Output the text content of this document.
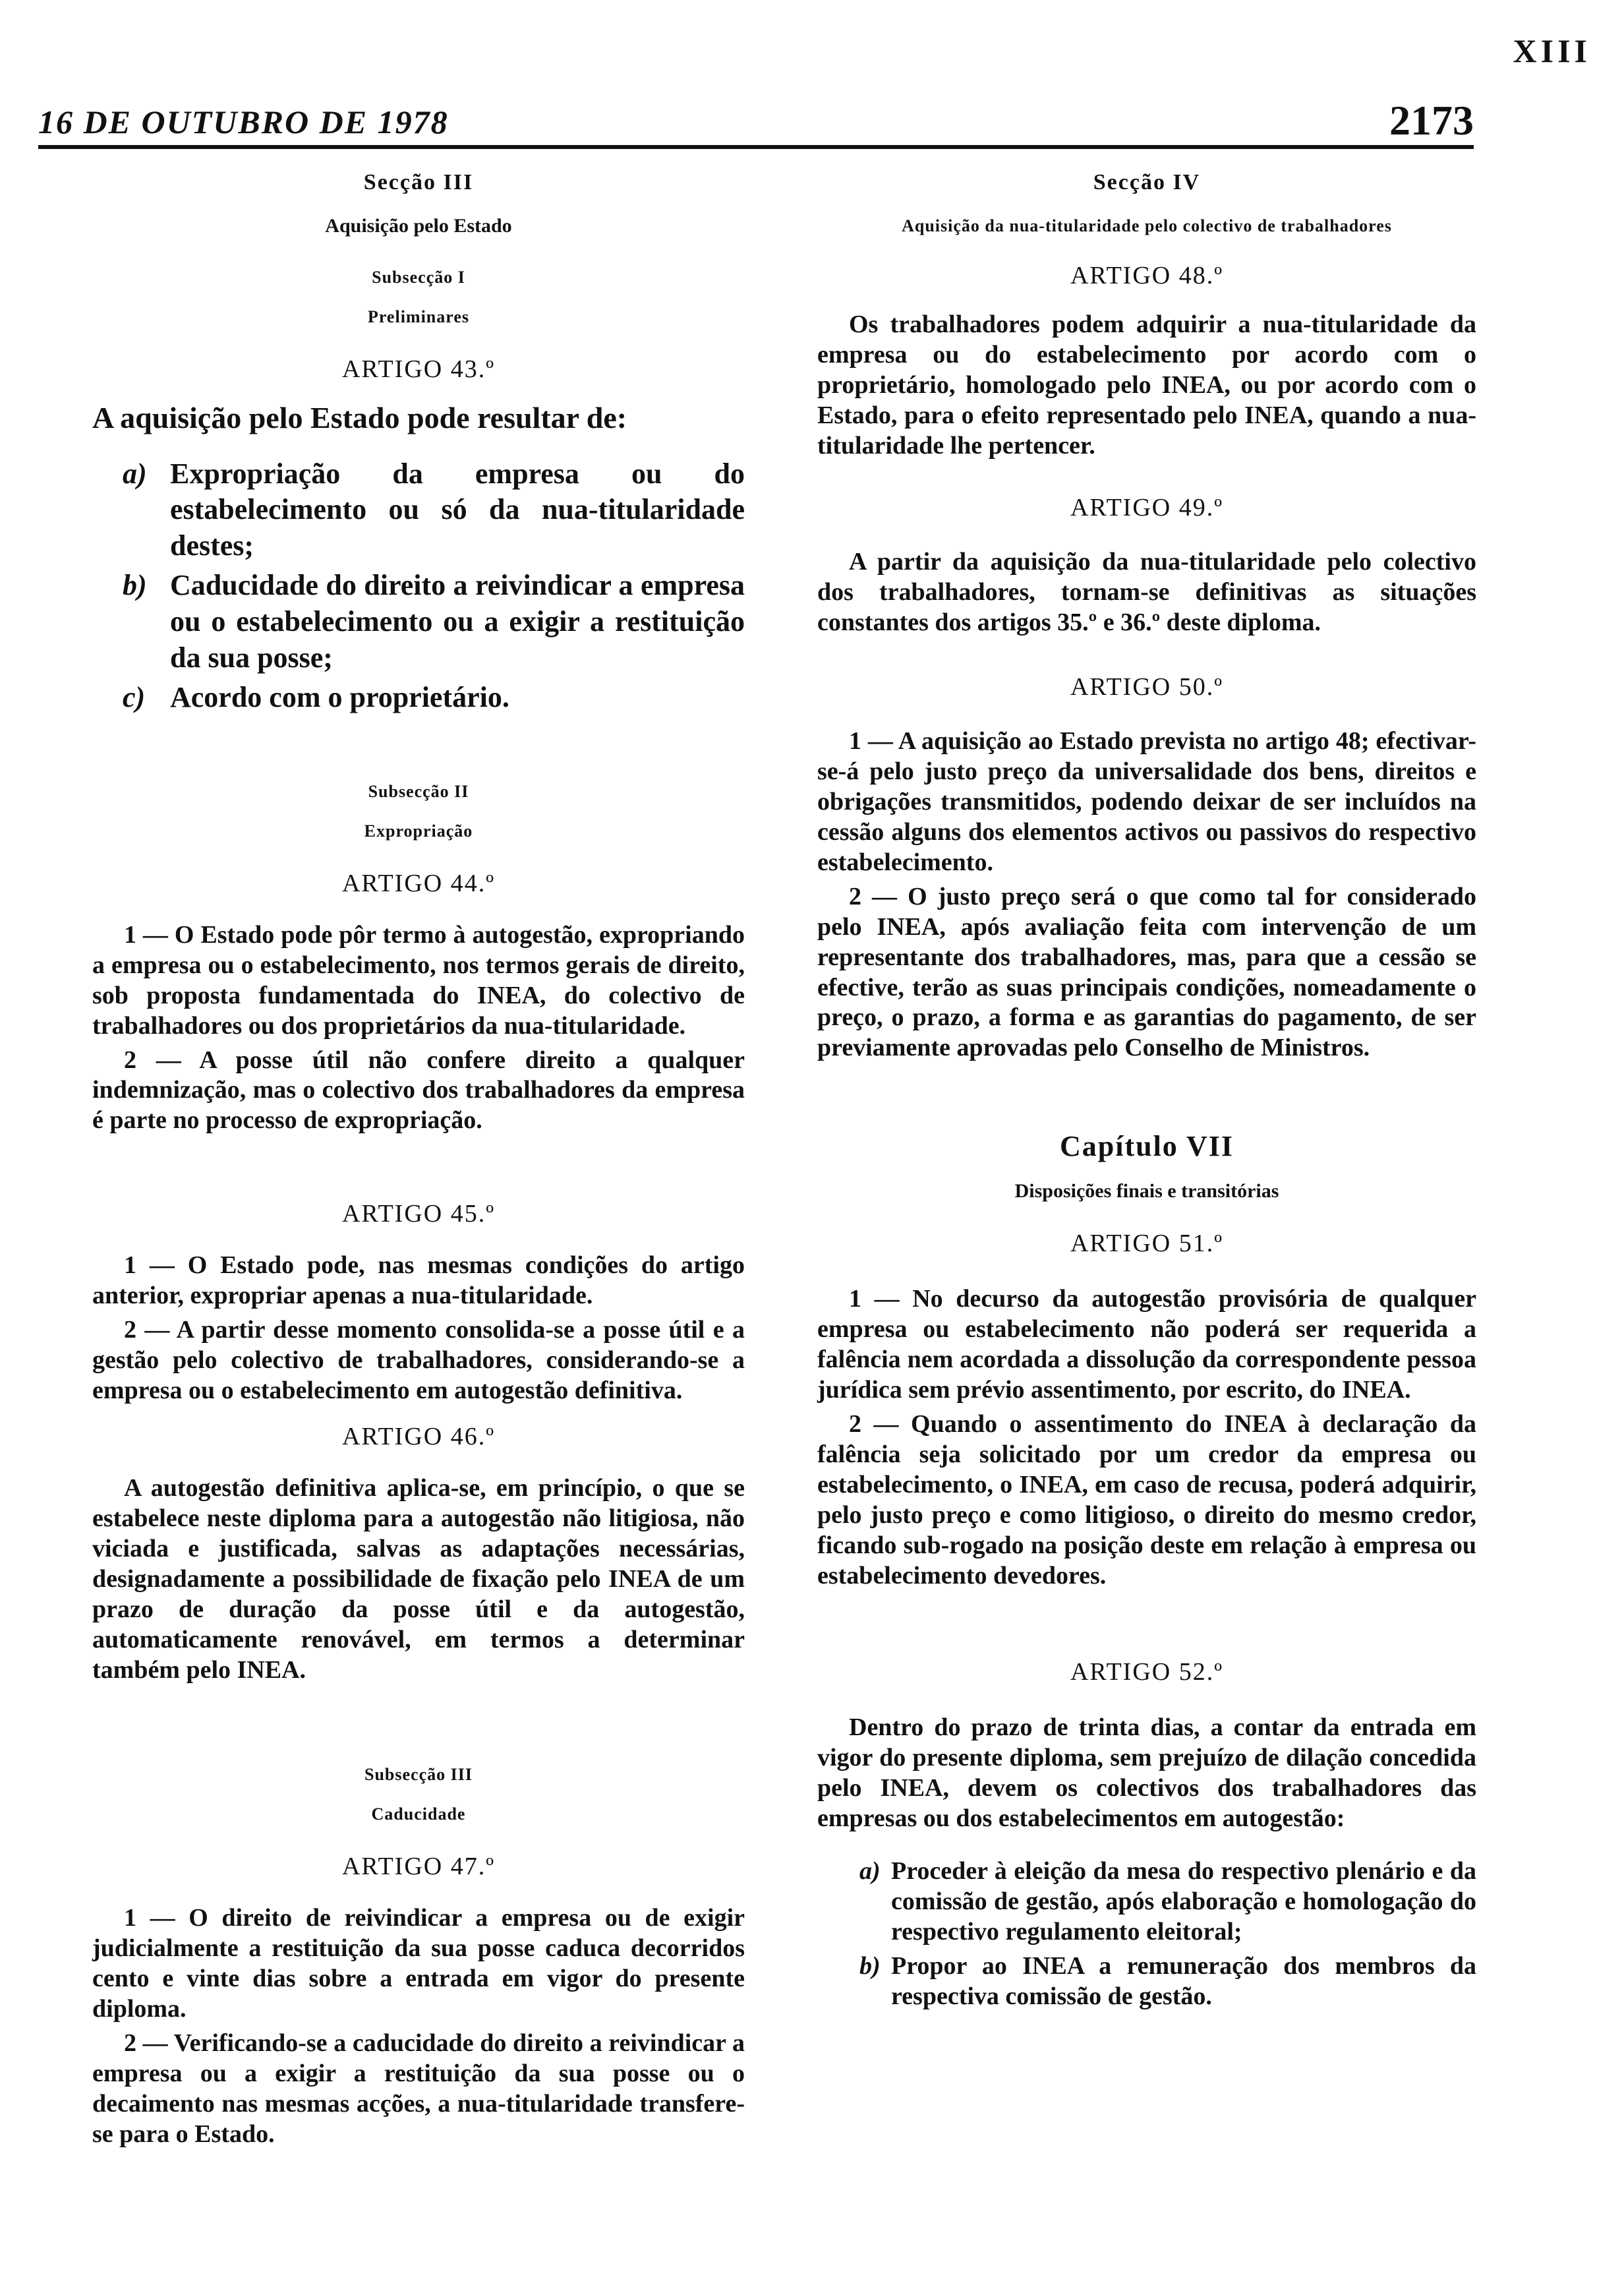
XIII
16 DE OUTUBRO DE 1978	2173
Secção III
Aquisição pelo Estado
Subsecção I
Preliminares
ARTIGO 43.º

A aquisição pelo Estado pode resultar de:

a) Expropriação da empresa ou do estabelecimento ou só da nua-titularidade destes;
b) Caducidade do direito a reivindicar a empresa ou o estabelecimento ou a exigir a restituição da sua posse;
c) Acordo com o proprietário.
Subsecção II
Expropriação
ARTIGO 44.º

1 — O Estado pode pôr termo à autogestão, expropriando a empresa ou o estabelecimento, nos termos gerais de direito, sob proposta fundamentada do INEA, do colectivo de trabalhadores ou dos proprietários da nua-titularidade.

2 — A posse útil não confere direito a qualquer indemnização, mas o colectivo dos trabalhadores da empresa é parte no processo de expropriação.

ARTIGO 45.º

1 — O Estado pode, nas mesmas condições do artigo anterior, expropriar apenas a nua-titularidade.

2 — A partir desse momento consolida-se a posse útil e a gestão pelo colectivo de trabalhadores, considerando-se a empresa ou o estabelecimento em autogestão definitiva.

ARTIGO 46.º

A autogestão definitiva aplica-se, em princípio, o que se estabelece neste diploma para a autogestão não litigiosa, não viciada e justificada, salvas as adaptações necessárias, designadamente a possibilidade de fixação pelo INEA de um prazo de duração da posse útil e da autogestão, automaticamente renovável, em termos a determinar também pelo INEA.

Subsecção III
Caducidade
ARTIGO 47.º

1 — O direito de reivindicar a empresa ou de exigir judicialmente a restituição da sua posse caduca decorridos cento e vinte dias sobre a entrada em vigor do presente diploma.

2 — Verificando-se a caducidade do direito a reivindicar a empresa ou a exigir a restituição da sua posse ou o decaimento nas mesmas acções, a nua-titularidade transfere-se para o Estado.

Secção IV
Aquisição da nua-titularidade pelo colectivo de trabalhadores
ARTIGO 48.º

Os trabalhadores podem adquirir a nua-titularidade da empresa ou do estabelecimento por acordo com o proprietário, homologado pelo INEA, ou por acordo com o Estado, para o efeito representado pelo INEA, quando a nua-titularidade lhe pertencer.

ARTIGO 49.º

A partir da aquisição da nua-titularidade pelo colectivo dos trabalhadores, tornam-se definitivas as situações constantes dos artigos 35.º e 36.º deste diploma.

ARTIGO 50.º

1 — A aquisição ao Estado prevista no artigo 48; efectivar-se-á pelo justo preço da universalidade dos bens, direitos e obrigações transmitidos, podendo deixar de ser incluídos na cessão alguns dos elementos activos ou passivos do respectivo estabelecimento.

2 — O justo preço será o que como tal for considerado pelo INEA, após avaliação feita com intervenção de um representante dos trabalhadores, mas, para que a cessão se efective, terão as suas principais condições, nomeadamente o preço, o prazo, a forma e as garantias do pagamento, de ser previamente aprovadas pelo Conselho de Ministros.

Capítulo VII
Disposições finais e transitórias
ARTIGO 51.º

1 — No decurso da autogestão provisória de qualquer empresa ou estabelecimento não poderá ser requerida a falência nem acordada a dissolução da correspondente pessoa jurídica sem prévio assentimento, por escrito, do INEA.

2 — Quando o assentimento do INEA à declaração da falência seja solicitado por um credor da empresa ou estabelecimento, o INEA, em caso de recusa, poderá adquirir, pelo justo preço e como litigioso, o direito do mesmo credor, ficando sub-rogado na posição deste em relação à empresa ou estabelecimento devedores.

ARTIGO 52.º

Dentro do prazo de trinta dias, a contar da entrada em vigor do presente diploma, sem prejuízo de dilação concedida pelo INEA, devem os colectivos dos trabalhadores das empresas ou dos estabelecimentos em autogestão:

a) Proceder à eleição da mesa do respectivo plenário e da comissão de gestão, após elaboração e homologação do respectivo regulamento eleitoral;
b) Propor ao INEA a remuneração dos membros da respectiva comissão de gestão.
